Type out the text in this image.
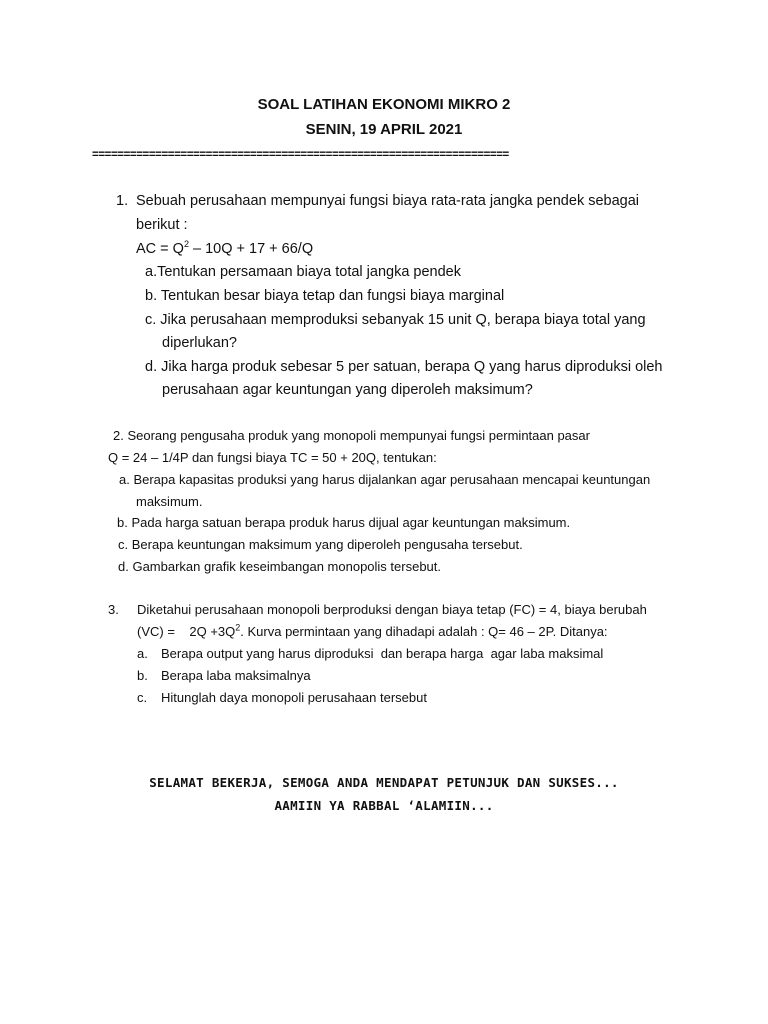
SOAL LATIHAN EKONOMI MIKRO 2
SENIN, 19 APRIL 2021
==================================================================
1. Sebuah perusahaan mempunyai fungsi biaya rata-rata jangka pendek sebagai
berikut :
AC = $Q^2 - 10Q + 17 + 66/Q$
a.Tentukan persamaan biaya total jangka pendek
b. Tentukan besar biaya tetap dan fungsi biaya marginal
c. Jika perusahaan memproduksi sebanyak 15 unit Q, berapa biaya total yang
diperlukan?
d. Jika harga produk sebesar 5 per satuan, berapa Q yang harus diproduksi oleh
perusahaan agar keuntungan yang diperoleh maksimum?
2. Seorang pengusaha produk yang monopoli mempunyai fungsi permintaan pasar
Q = 24 – 1/4P dan fungsi biaya TC = 50 + 20Q, tentukan:
a. Berapa kapasitas produksi yang harus dijalankan agar perusahaan mencapai keuntungan
maksimum.
b. Pada harga satuan berapa produk harus dijual agar keuntungan maksimum.
c. Berapa keuntungan maksimum yang diperoleh pengusaha tersebut.
d. Gambarkan grafik keseimbangan monopolis tersebut.
3. Diketahui perusahaan monopoli berproduksi dengan biaya tetap (FC) = 4, biaya berubah
(VC) =    $2Q +3Q^2$. Kurva permintaan yang dihadapi adalah : Q= 46 – 2P. Ditanya:
a. Berapa output yang harus diproduksi  dan berapa harga  agar laba maksimal
b. Berapa laba maksimalnya
c. Hitunglah daya monopoli perusahaan tersebut
SELAMAT BEKERJA, SEMOGA ANDA MENDAPAT PETUNJUK DAN SUKSES...
AAMIIN YA RABBAL ‘ALAMIIN...
